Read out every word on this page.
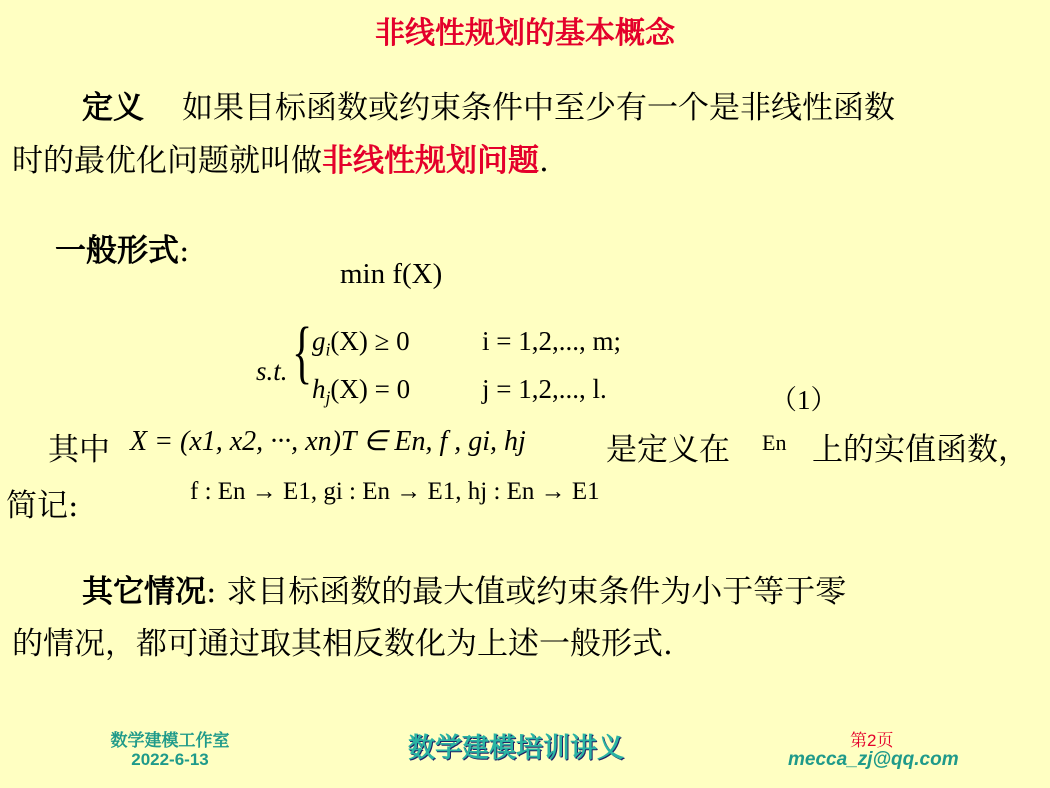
非线性规划的基本概念
定义 如果目标函数或约束条件中至少有一个是非线性函数
时的最优化问题就叫做非线性规划问题.
一般形式:
min f(X)
s.t. { $g_i(X) \ge 0$	i = 1,2,..., m;
$h_j(X) = 0$	j = 1,2,..., l.	（1）
其中 X = (x1, x2, ···, xn)T ∈ En, f , gi, hj	是定义在 En 上的实值函数，
简记:	f : En → E1, gi : En → E1, hj : En → E1
其它情况: 求目标函数的最大值或约束条件为小于等于零
的情况，都可通过取其相反数化为上述一般形式.
数学建模工作室
2022-6-13	数学建模培训讲义	第2页
mecca_zj@qq.com
